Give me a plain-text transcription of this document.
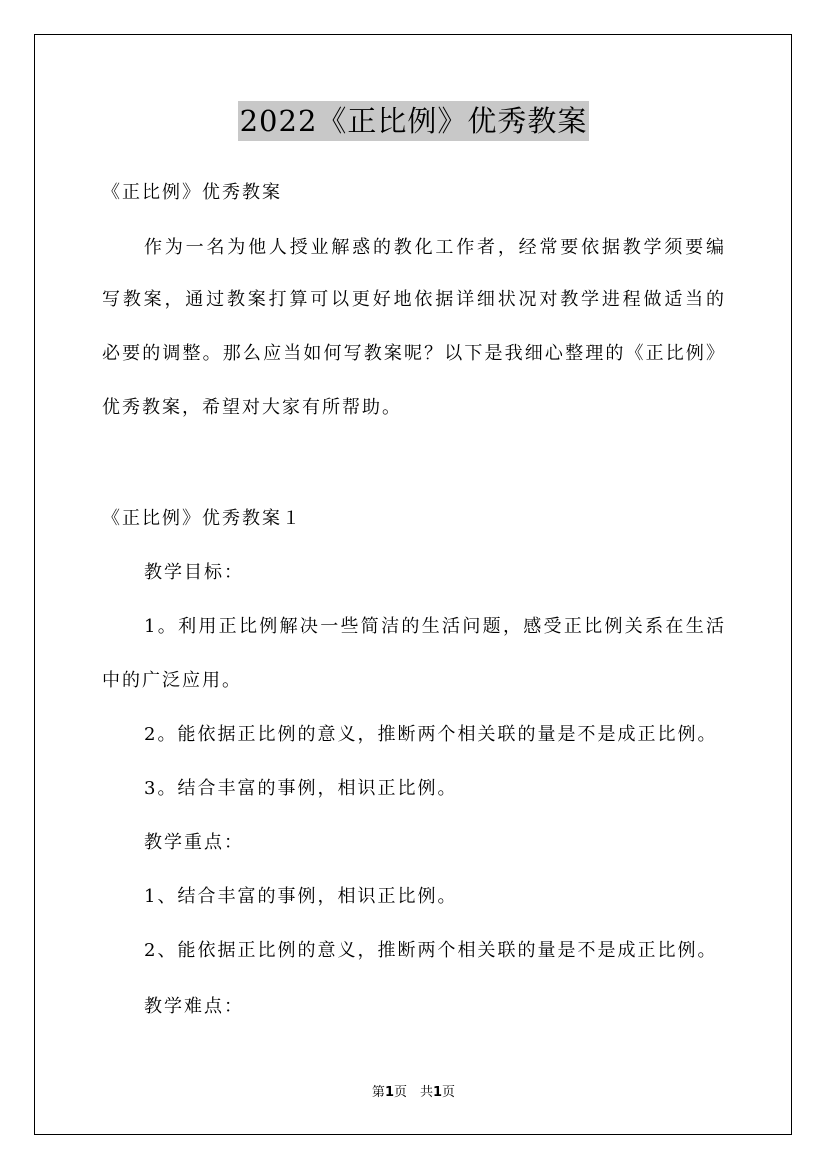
2022《正比例》优秀教案
《正比例》优秀教案
作为一名为他人授业解惑的教化工作者，经常要依据教学须要编
写教案，通过教案打算可以更好地依据详细状况对教学进程做适当的
必要的调整。那么应当如何写教案呢？以下是我细心整理的《正比例》
优秀教案，希望对大家有所帮助。
《正比例》优秀教案１
教学目标：
1。利用正比例解决一些简洁的生活问题，感受正比例关系在生活
中的广泛应用。
2。能依据正比例的意义，推断两个相关联的量是不是成正比例。
3。结合丰富的事例，相识正比例。
教学重点：
1、结合丰富的事例，相识正比例。
2、能依据正比例的意义，推断两个相关联的量是不是成正比例。
教学难点：
第1页　共1页
